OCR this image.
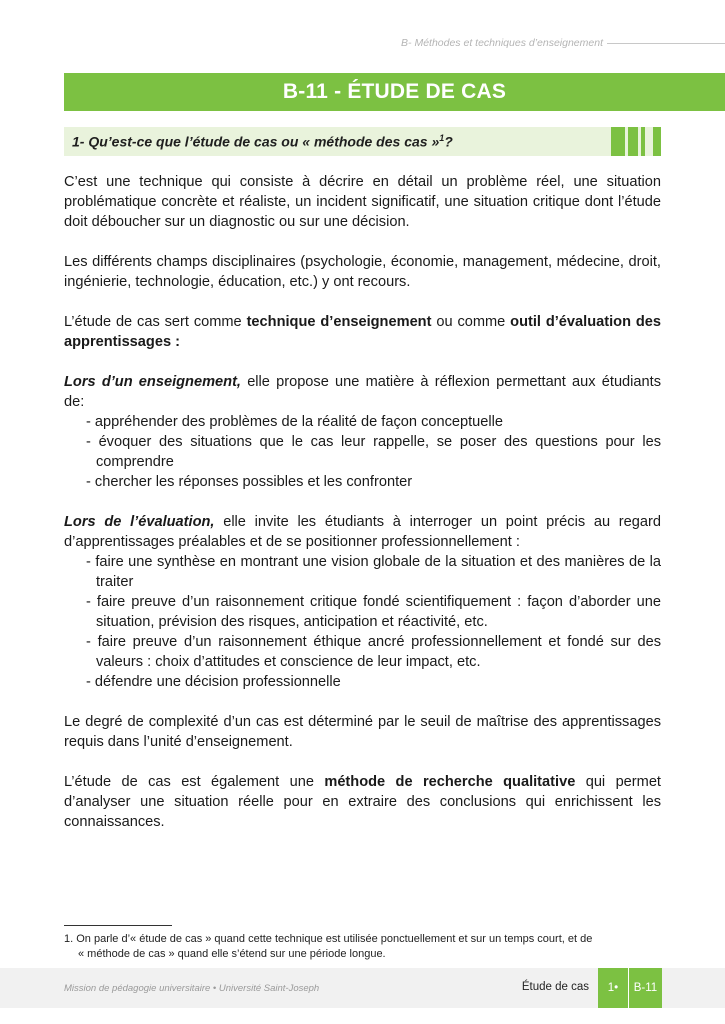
B- Méthodes et techniques d’enseignement
B-11 - ÉTUDE DE CAS
1- Qu’est-ce que l’étude de cas ou « méthode des cas »$^1$?

C’est une technique qui consiste à décrire en détail un problème réel, une situation problématique concrète et réaliste, un incident significatif, une situation critique dont l’étude doit déboucher sur un diagnostic ou sur une décision.

Les différents champs disciplinaires (psychologie, économie, management, médecine, droit, ingénierie, technologie, éducation, etc.) y ont recours.

L’étude de cas sert comme technique d’enseignement ou comme outil d’évaluation des apprentissages :

Lors d’un enseignement, elle propose une matière à réflexion permettant aux étudiants de:

- appréhender des problèmes de la réalité de façon conceptuelle
- évoquer des situations que le cas leur rappelle, se poser des questions pour les comprendre
- chercher les réponses possibles et les confronter

Lors de l’évaluation, elle invite les étudiants à interroger un point précis au regard d’apprentissages préalables et de se positionner professionnellement :

- faire une synthèse en montrant une vision globale de la situation et des manières de la traiter
- faire preuve d’un raisonnement critique fondé scientifiquement : façon d’aborder une situation, prévision des risques, anticipation et réactivité, etc.
- faire preuve d’un raisonnement éthique ancré professionnellement et fondé sur des valeurs : choix d’attitudes et conscience de leur impact, etc.
- défendre une décision professionnelle

Le degré de complexité d’un cas est déterminé par le seuil de maîtrise des apprentissages requis dans l’unité d’enseignement.

L’étude de cas est également une méthode de recherche qualitative qui permet d’analyser une situation réelle pour en extraire des conclusions qui enrichissent les connaissances.

1. On parle d’« étude de cas » quand cette technique est utilisée ponctuellement et sur un temps court, et de
« méthode de cas » quand elle s’étend sur une période longue.
Mission de pédagogie universitaire • Université Saint-Joseph	Étude de cas	1•	B-11
